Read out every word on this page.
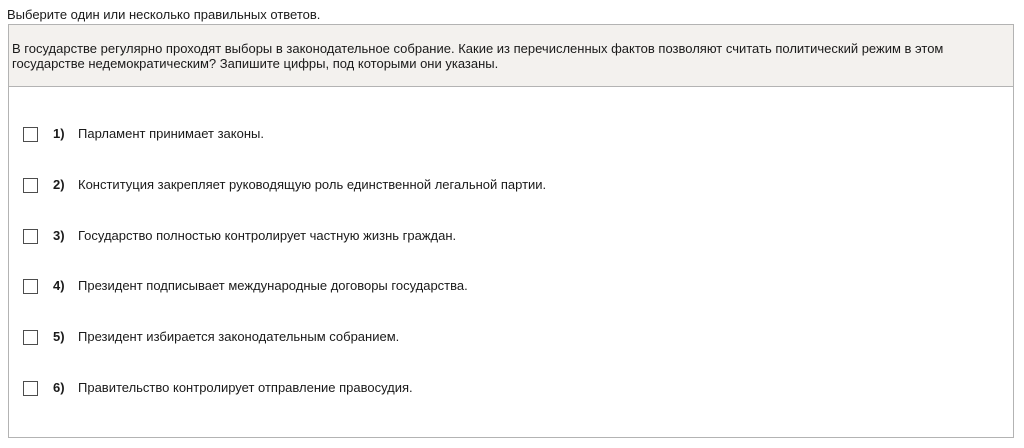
Выберите один или несколько правильных ответов.
В государстве регулярно проходят выборы в законодательное собрание. Какие из перечисленных фактов позволяют считать политический режим в этом государстве недемократическим? Запишите цифры, под которыми они указаны.
1) Парламент принимает законы.
2) Конституция закрепляет руководящую роль единственной легальной партии.
3) Государство полностью контролирует частную жизнь граждан.
4) Президент подписывает международные договоры государства.
5) Президент избирается законодательным собранием.
6) Правительство контролирует отправление правосудия.
